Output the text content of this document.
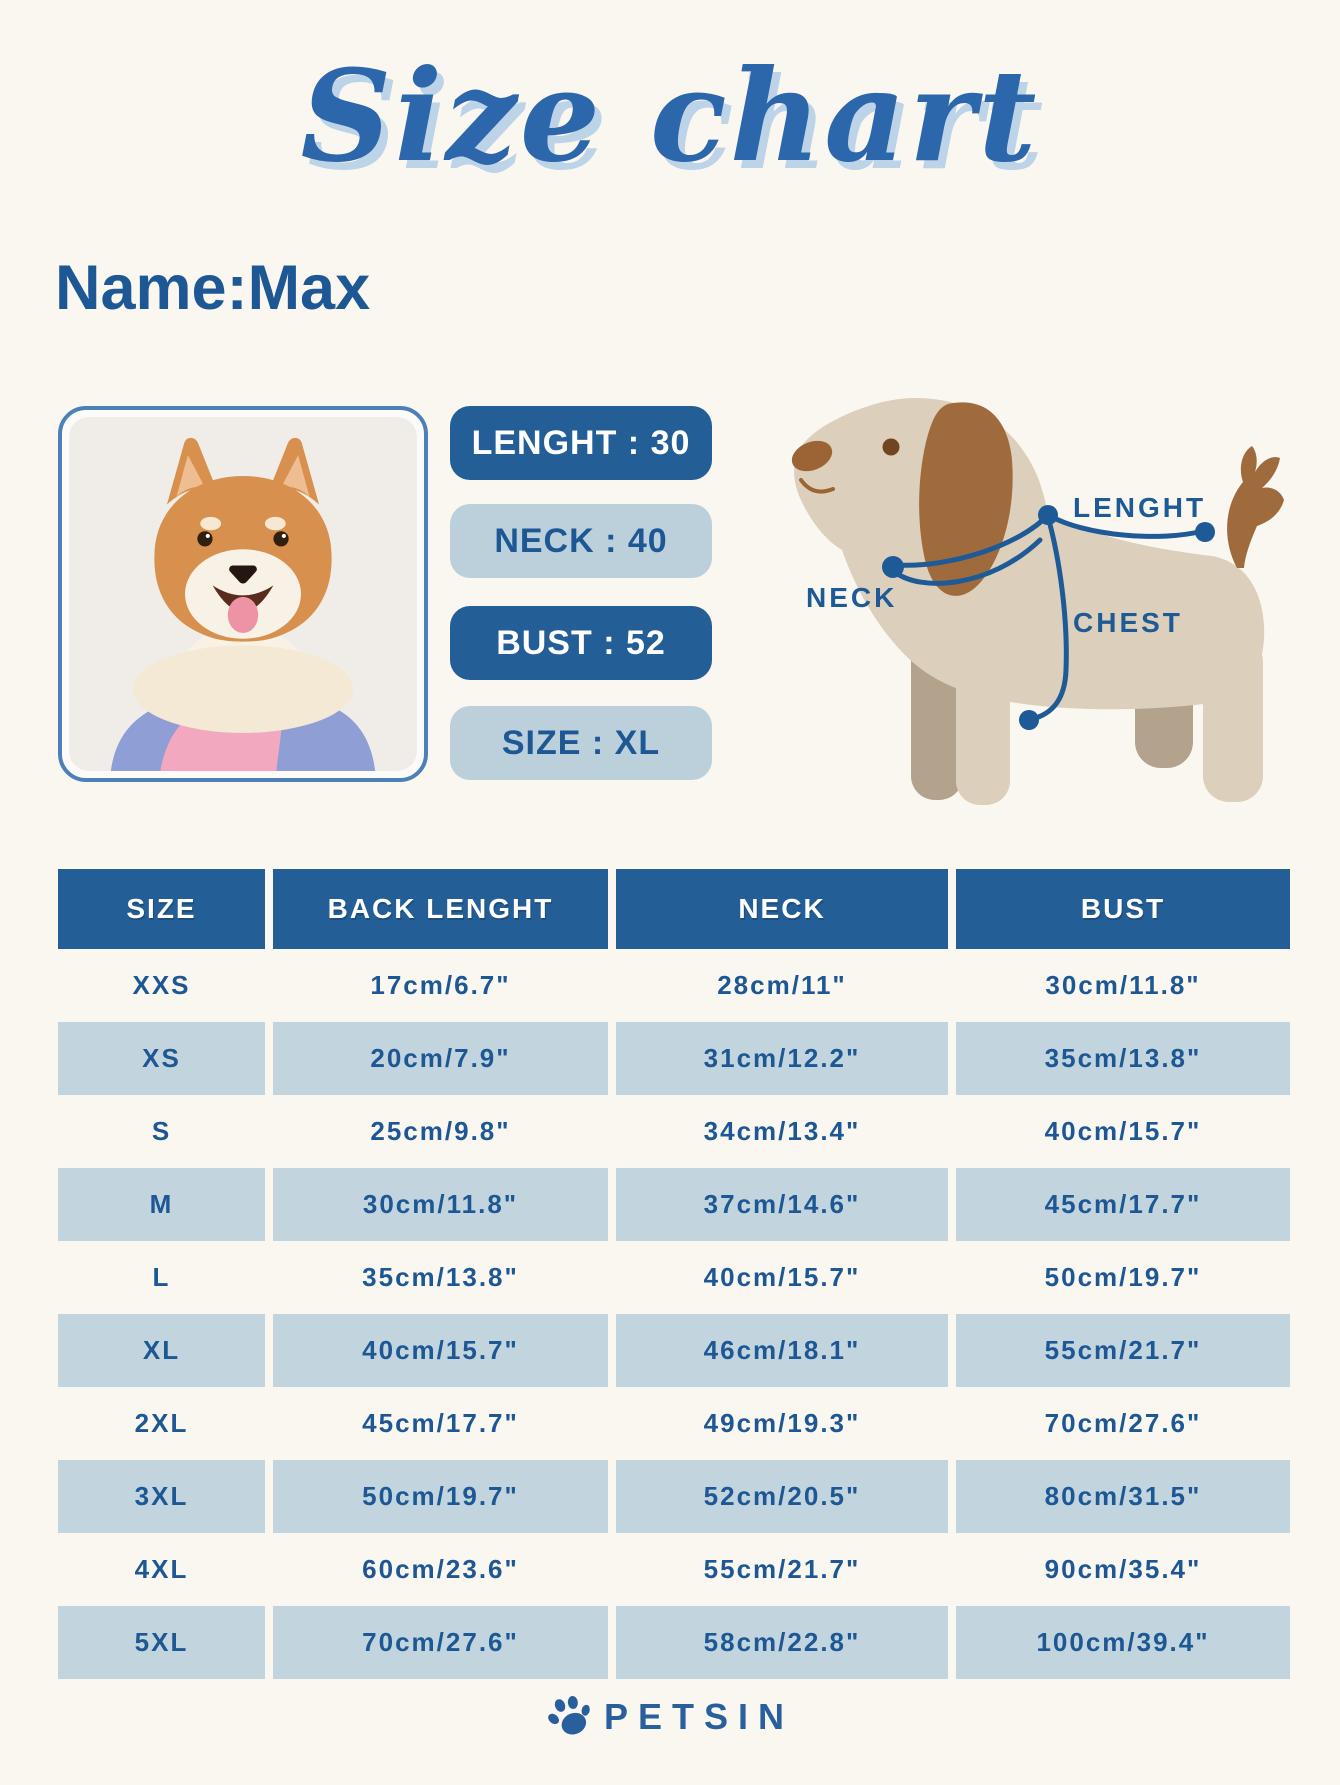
Size chart
Name:Max
LENGHT : 30
NECK : 40
BUST : 52
SIZE : XL
LENGHT
NECK
CHEST
SIZE	BACK LENGHT	NECK	BUST
XXS	17cm/6.7"	28cm/11"	30cm/11.8"
XS	20cm/7.9"	31cm/12.2"	35cm/13.8"
S	25cm/9.8"	34cm/13.4"	40cm/15.7"
M	30cm/11.8"	37cm/14.6"	45cm/17.7"
L	35cm/13.8"	40cm/15.7"	50cm/19.7"
XL	40cm/15.7"	46cm/18.1"	55cm/21.7"
2XL	45cm/17.7"	49cm/19.3"	70cm/27.6"
3XL	50cm/19.7"	52cm/20.5"	80cm/31.5"
4XL	60cm/23.6"	55cm/21.7"	90cm/35.4"
5XL	70cm/27.6"	58cm/22.8"	100cm/39.4"
PETSIN
